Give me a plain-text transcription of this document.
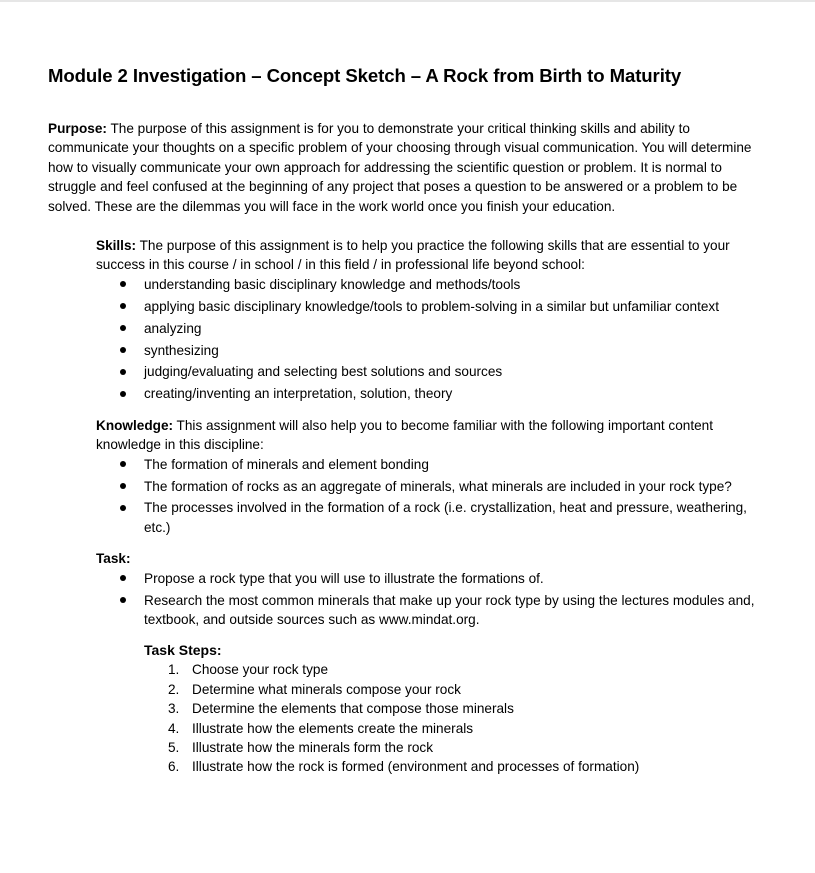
Module 2 Investigation – Concept Sketch – A Rock from Birth to Maturity

Purpose: The purpose of this assignment is for you to demonstrate your critical thinking skills and ability to communicate your thoughts on a specific problem of your choosing through visual communication. You will determine how to visually communicate your own approach for addressing the scientific question or problem. It is normal to struggle and feel confused at the beginning of any project that poses a question to be answered or a problem to be solved. These are the dilemmas you will face in the work world once you finish your education.

Skills: The purpose of this assignment is to help you practice the following skills that are essential to your success in this course / in school / in this field / in professional life beyond school:

understanding basic disciplinary knowledge and methods/tools
applying basic disciplinary knowledge/tools to problem-solving in a similar but unfamiliar context
analyzing
synthesizing
judging/evaluating and selecting best solutions and sources
creating/inventing an interpretation, solution, theory

Knowledge: This assignment will also help you to become familiar with the following important content knowledge in this discipline:

The formation of minerals and element bonding
The formation of rocks as an aggregate of minerals, what minerals are included in your rock type?
The processes involved in the formation of a rock (i.e. crystallization, heat and pressure, weathering, etc.)

Task:

Propose a rock type that you will use to illustrate the formations of.
Research the most common minerals that make up your rock type by using the lectures modules and, textbook, and outside sources such as www.mindat.org.
Task Steps:
1. Choose your rock type
2. Determine what minerals compose your rock
3. Determine the elements that compose those minerals
4. Illustrate how the elements create the minerals
5. Illustrate how the minerals form the rock
6. Illustrate how the rock is formed (environment and processes of formation)
